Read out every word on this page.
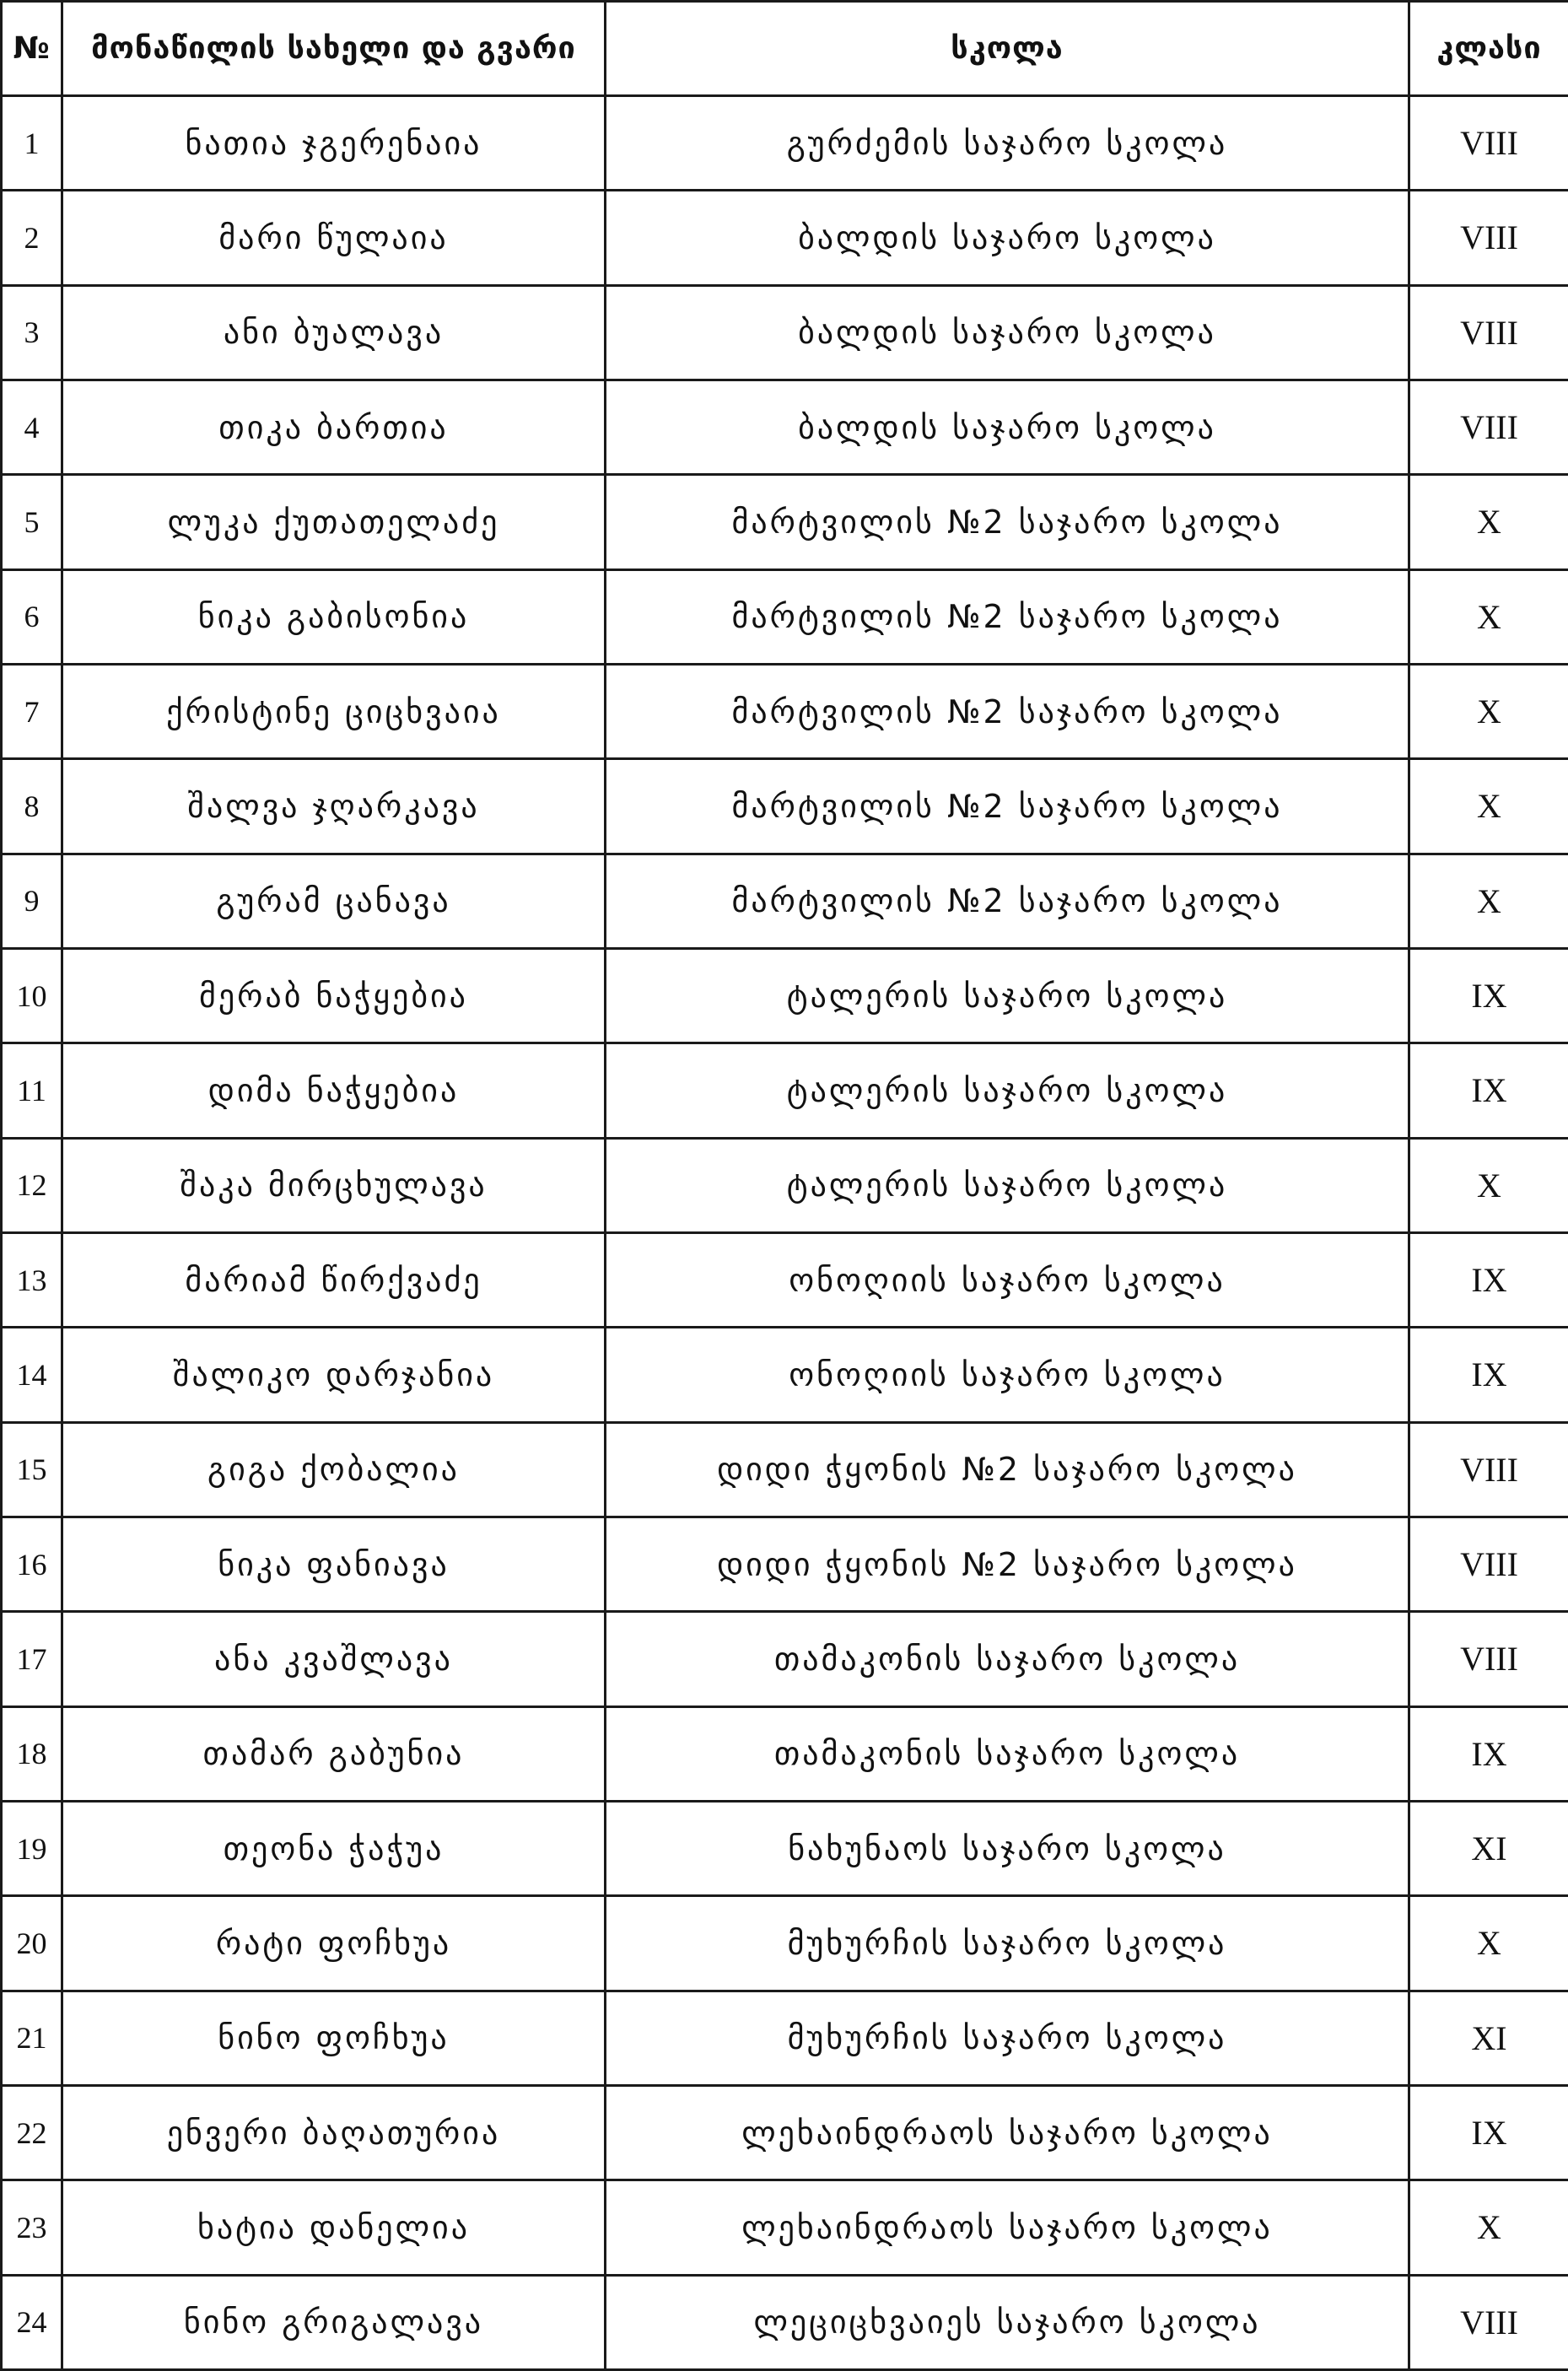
№	მონაწილის სახელი და გვარი	სკოლა	კლასი
1	ნათია ჯგერენაია	გურძემის საჯარო სკოლა	VIII
2	მარი წულაია	ბალდის საჯარო სკოლა	VIII
3	ანი ბუალავა	ბალდის საჯარო სკოლა	VIII
4	თიკა ბართია	ბალდის საჯარო სკოლა	VIII
5	ლუკა ქუთათელაძე	მარტვილის №2 საჯარო სკოლა	X
6	ნიკა გაბისონია	მარტვილის №2 საჯარო სკოლა	X
7	ქრისტინე ციცხვაია	მარტვილის №2 საჯარო სკოლა	X
8	შალვა ჯღარკავა	მარტვილის №2 საჯარო სკოლა	X
9	გურამ ცანავა	მარტვილის №2 საჯარო სკოლა	X
10	მერაბ ნაჭყებია	ტალერის საჯარო სკოლა	IX
11	დიმა ნაჭყებია	ტალერის საჯარო სკოლა	IX
12	შაკა მირცხულავა	ტალერის საჯარო სკოლა	X
13	მარიამ წირქვაძე	ონოღიის საჯარო სკოლა	IX
14	შალიკო დარჯანია	ონოღიის საჯარო სკოლა	IX
15	გიგა ქობალია	დიდი ჭყონის №2 საჯარო სკოლა	VIII
16	ნიკა ფანიავა	დიდი ჭყონის №2 საჯარო სკოლა	VIII
17	ანა კვაშლავა	თამაკონის საჯარო სკოლა	VIII
18	თამარ გაბუნია	თამაკონის საჯარო სკოლა	IX
19	თეონა ჭაჭუა	ნახუნაოს საჯარო სკოლა	XI
20	რატი ფოჩხუა	მუხურჩის საჯარო სკოლა	X
21	ნინო ფოჩხუა	მუხურჩის საჯარო სკოლა	XI
22	ენვერი ბაღათურია	ლეხაინდრაოს საჯარო სკოლა	IX
23	ხატია დანელია	ლეხაინდრაოს საჯარო სკოლა	X
24	ნინო გრიგალავა	ლეციცხვაიეს საჯარო სკოლა	VIII
